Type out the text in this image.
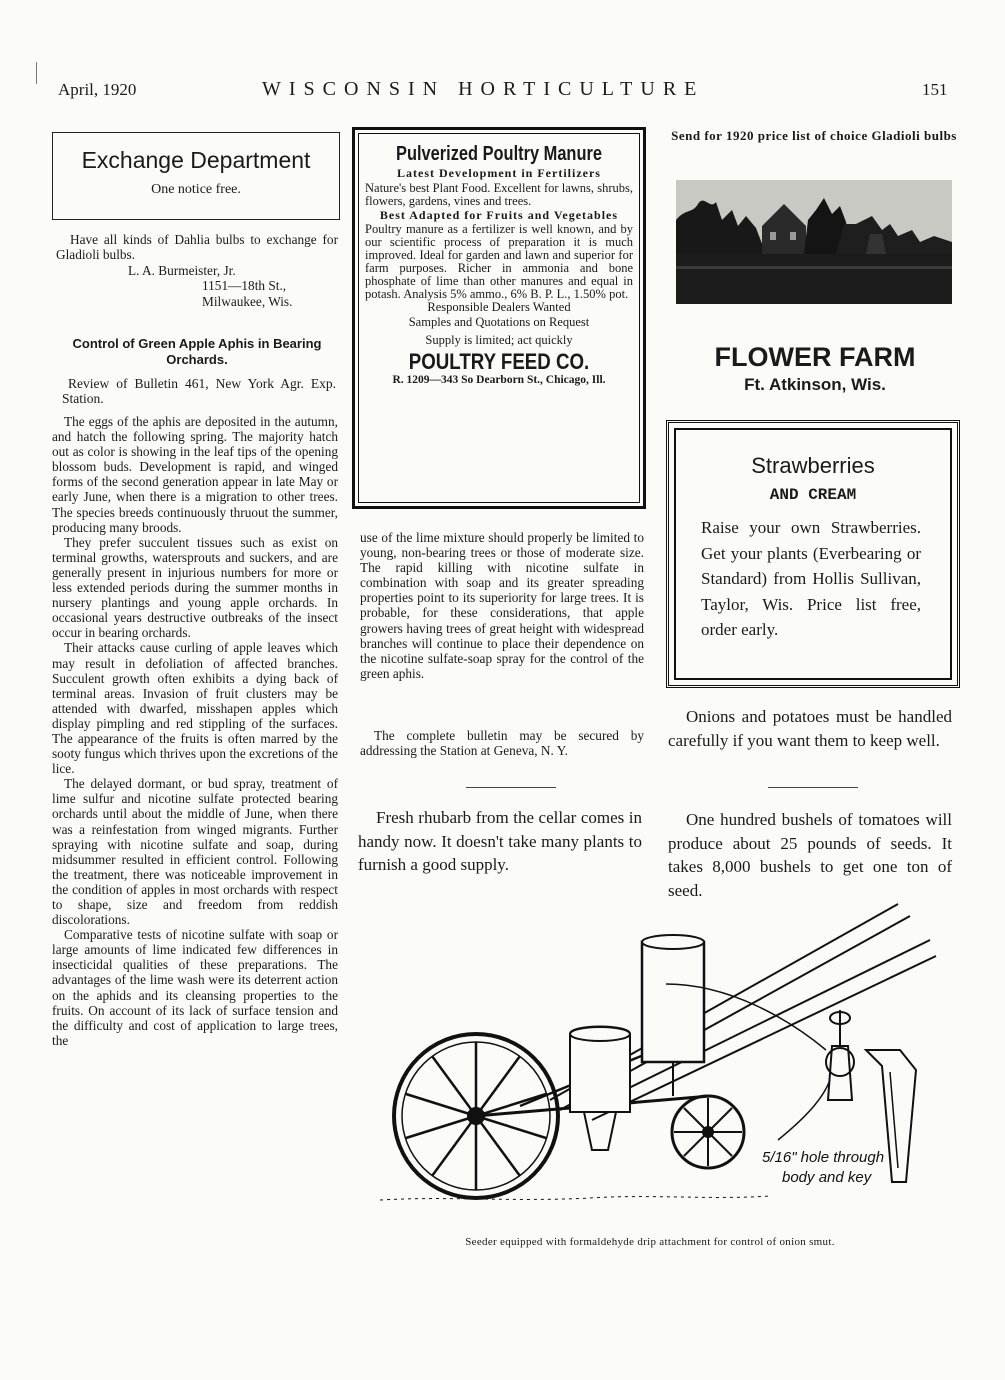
April, 1920	WISCONSIN HORTICULTURE	151
Exchange Department
One notice free.
Have all kinds of Dahlia bulbs to exchange for Gladioli bulbs.
L. A. Burmeister, Jr.
1151—18th St.,
Milwaukee, Wis.
Control of Green Apple Aphis in Bearing Orchards.
Review of Bulletin 461, New York Agr. Exp. Station.

The eggs of the aphis are deposited in the autumn, and hatch the following spring. The majority hatch out as color is showing in the leaf tips of the opening blossom buds. Development is rapid, and winged forms of the second generation appear in late May or early June, when there is a migration to other trees. The species breeds continuously thruout the summer, producing many broods.

They prefer succulent tissues such as exist on terminal growths, watersprouts and suckers, and are generally present in injurious numbers for more or less extended periods during the summer months in nursery plantings and young apple orchards. In occasional years destructive outbreaks of the insect occur in bearing orchards.

Their attacks cause curling of apple leaves which may result in defoliation of affected branches. Succulent growth often exhibits a dying back of terminal areas. Invasion of fruit clusters may be attended with dwarfed, misshapen apples which display pimpling and red stippling of the surfaces. The appearance of the fruits is often marred by the sooty fungus which thrives upon the excretions of the lice.

The delayed dormant, or bud spray, treatment of lime sulfur and nicotine sulfate protected bearing orchards until about the middle of June, when there was a reinfestation from winged migrants. Further spraying with nicotine sulfate and soap, during midsummer resulted in efficient control. Following the treatment, there was noticeable improvement in the condition of apples in most orchards with respect to shape, size and freedom from reddish discolorations.

Comparative tests of nicotine sulfate with soap or large amounts of lime indicated few differences in insecticidal qualities of these preparations. The advantages of the lime wash were its deterrent action on the aphids and its cleansing properties to the fruits. On account of its lack of surface tension and the difficulty and cost of application to large trees, the

Pulverized Poultry Manure
Latest Development in Fertilizers
Nature's best Plant Food. Excellent for lawns, shrubs, flowers, gardens, vines and trees.
Best Adapted for Fruits and Vegetables
Poultry manure as a fertilizer is well known, and by our scientific process of preparation it is much improved. Ideal for garden and lawn and superior for farm purposes. Richer in ammonia and bone phosphate of lime than other manures and equal in potash. Analysis 5% ammo., 6% B. P. L., 1.50% pot.
Responsible Dealers Wanted
Samples and Quotations on Request
Supply is limited; act quickly
POULTRY FEED CO.
R. 1209—343 So Dearborn St., Chicago, Ill.
use of the lime mixture should properly be limited to young, non-bearing trees or those of moderate size. The rapid killing with nicotine sulfate in combination with soap and its greater spreading properties point to its superiority for large trees. It is probable, for these considerations, that apple growers having trees of great height with widespread branches will continue to place their dependence on the nicotine sulfate-soap spray for the control of the green aphis.
The complete bulletin may be secured by addressing the Station at Geneva, N. Y.
Fresh rhubarb from the cellar comes in handy now. It doesn't take many plants to furnish a good supply.
Send for 1920 price list of choice Gladioli bulbs
FLOWER FARM
Ft. Atkinson, Wis.
Strawberries
AND CREAM
Raise your own Strawberries. Get your plants (Everbearing or Standard) from Hollis Sullivan, Taylor, Wis. Price list free, order early.
Onions and potatoes must be handled carefully if you want them to keep well.
One hundred bushels of tomatoes will produce about 25 pounds of seeds. It takes 8,000 bushels to get one ton of seed.
5/16" hole through
body and key
Seeder equipped with formaldehyde drip attachment for control of onion smut.
